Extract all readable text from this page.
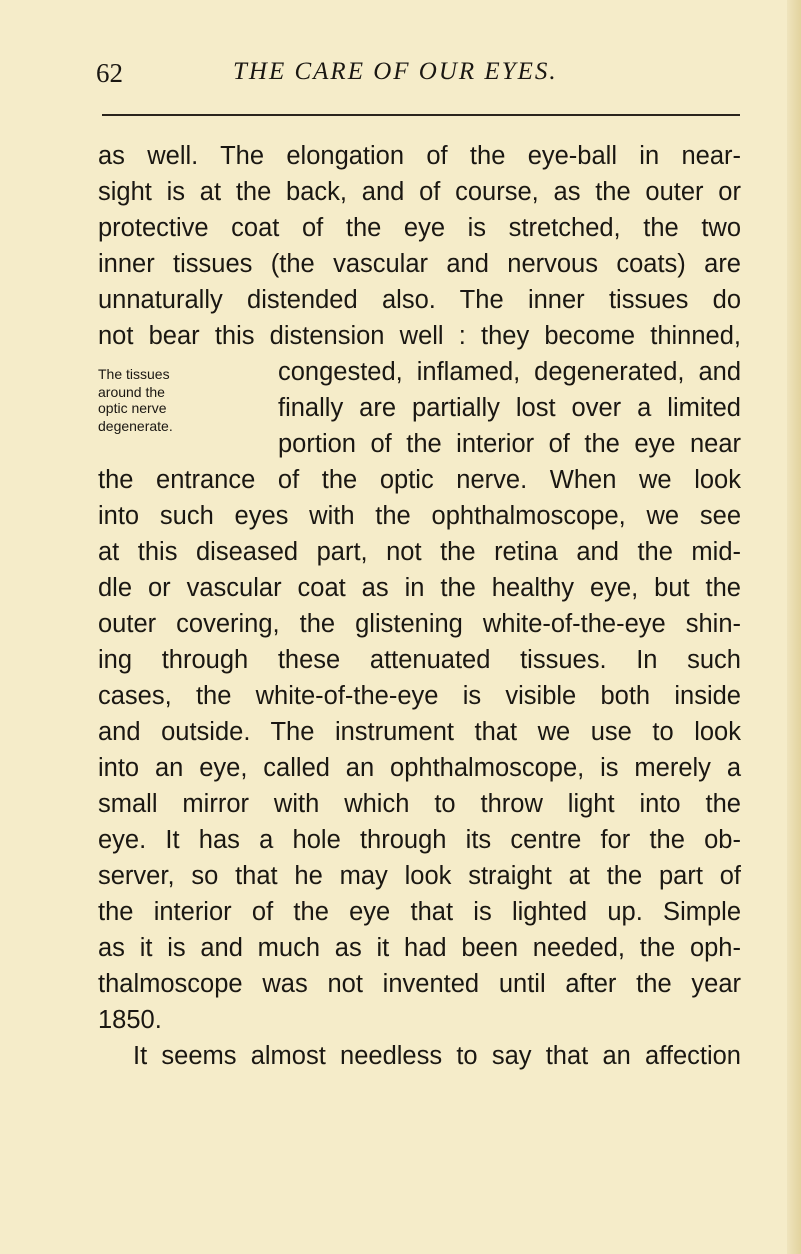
62	THE CARE OF OUR EYES.
as well. The elongation of the eye-ball in near-
sight is at the back, and of course, as the outer or
protective coat of the eye is stretched, the two
inner tissues (the vascular and nervous coats) are
unnaturally distended also. The inner tissues do
not bear this distension well : they become thinned,
congested, inflamed, degenerated, and
finally are partially lost over a limited
portion of the interior of the eye near
the entrance of the optic nerve. When we look
into such eyes with the ophthalmoscope, we see
at this diseased part, not the retina and the mid-
dle or vascular coat as in the healthy eye, but the
outer covering, the glistening white-of-the-eye shin-
ing through these attenuated tissues. In such
cases, the white-of-the-eye is visible both inside
and outside. The instrument that we use to look
into an eye, called an ophthalmoscope, is merely a
small mirror with which to throw light into the
eye. It has a hole through its centre for the ob-
server, so that he may look straight at the part of
the interior of the eye that is lighted up. Simple
as it is and much as it had been needed, the oph-
thalmoscope was not invented until after the year
1850.
It seems almost needless to say that an affection
The tissues
around the
optic nerve
degenerate.
